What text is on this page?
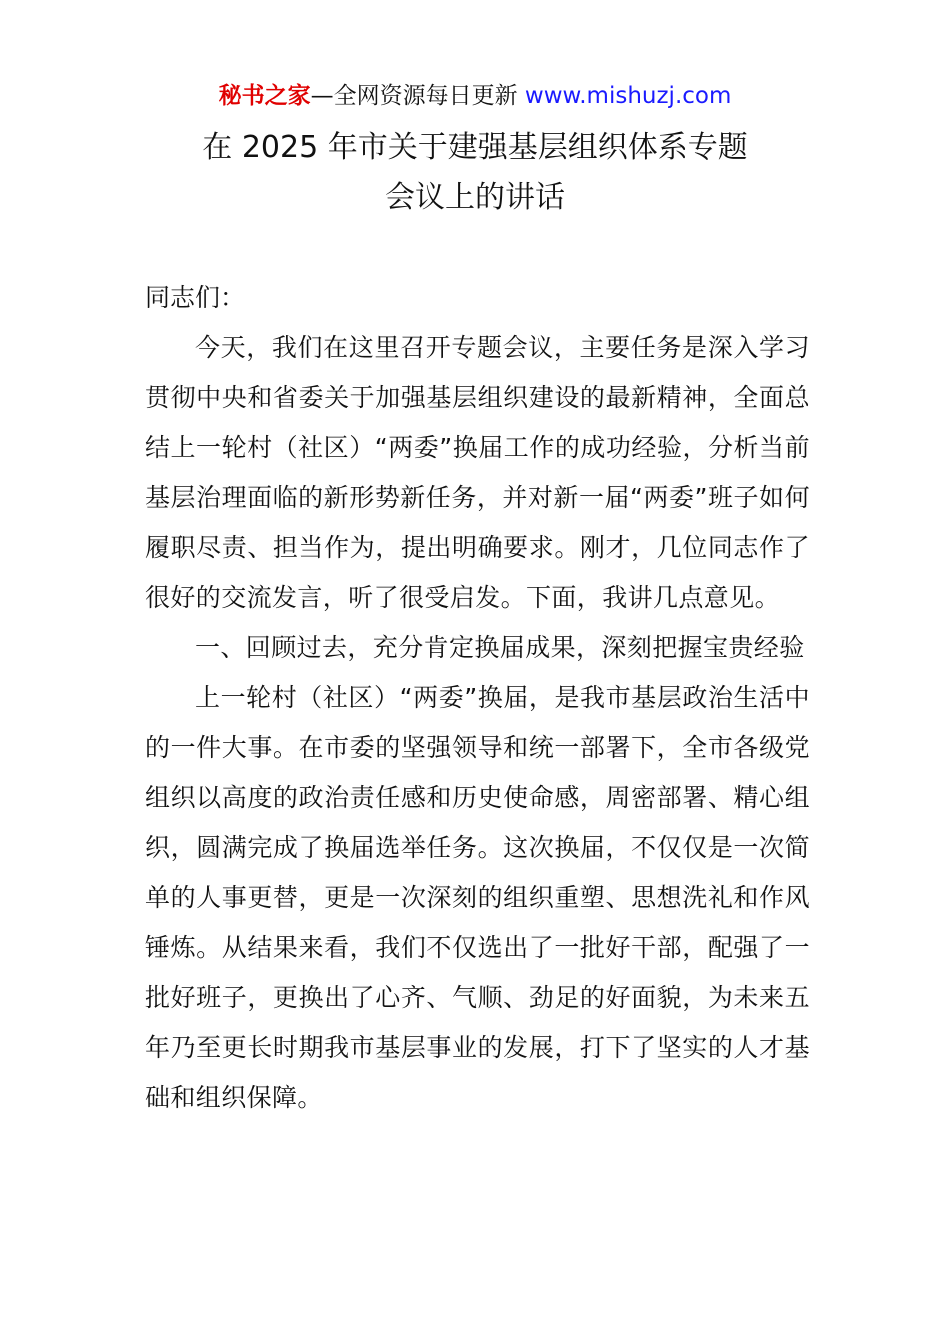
秘书之家—全网资源每日更新 www.mishuzj.com
在 2025 年市关于建强基层组织体系专题
会议上的讲话
同志们：

今天，我们在这里召开专题会议，主要任务是深入学习贯彻中央和省委关于加强基层组织建设的最新精神，全面总结上一轮村（社区）“两委”换届工作的成功经验，分析当前基层治理面临的新形势新任务，并对新一届“两委”班子如何履职尽责、担当作为，提出明确要求。刚才，几位同志作了很好的交流发言，听了很受启发。下面，我讲几点意见。

一、回顾过去，充分肯定换届成果，深刻把握宝贵经验

上一轮村（社区）“两委”换届，是我市基层政治生活中的一件大事。在市委的坚强领导和统一部署下，全市各级党组织以高度的政治责任感和历史使命感，周密部署、精心组织，圆满完成了换届选举任务。这次换届，不仅仅是一次简单的人事更替，更是一次深刻的组织重塑、思想洗礼和作风锤炼。从结果来看，我们不仅选出了一批好干部，配强了一批好班子，更换出了心齐、气顺、劲足的好面貌，为未来五年乃至更长时期我市基层事业的发展，打下了坚实的人才基础和组织保障。
